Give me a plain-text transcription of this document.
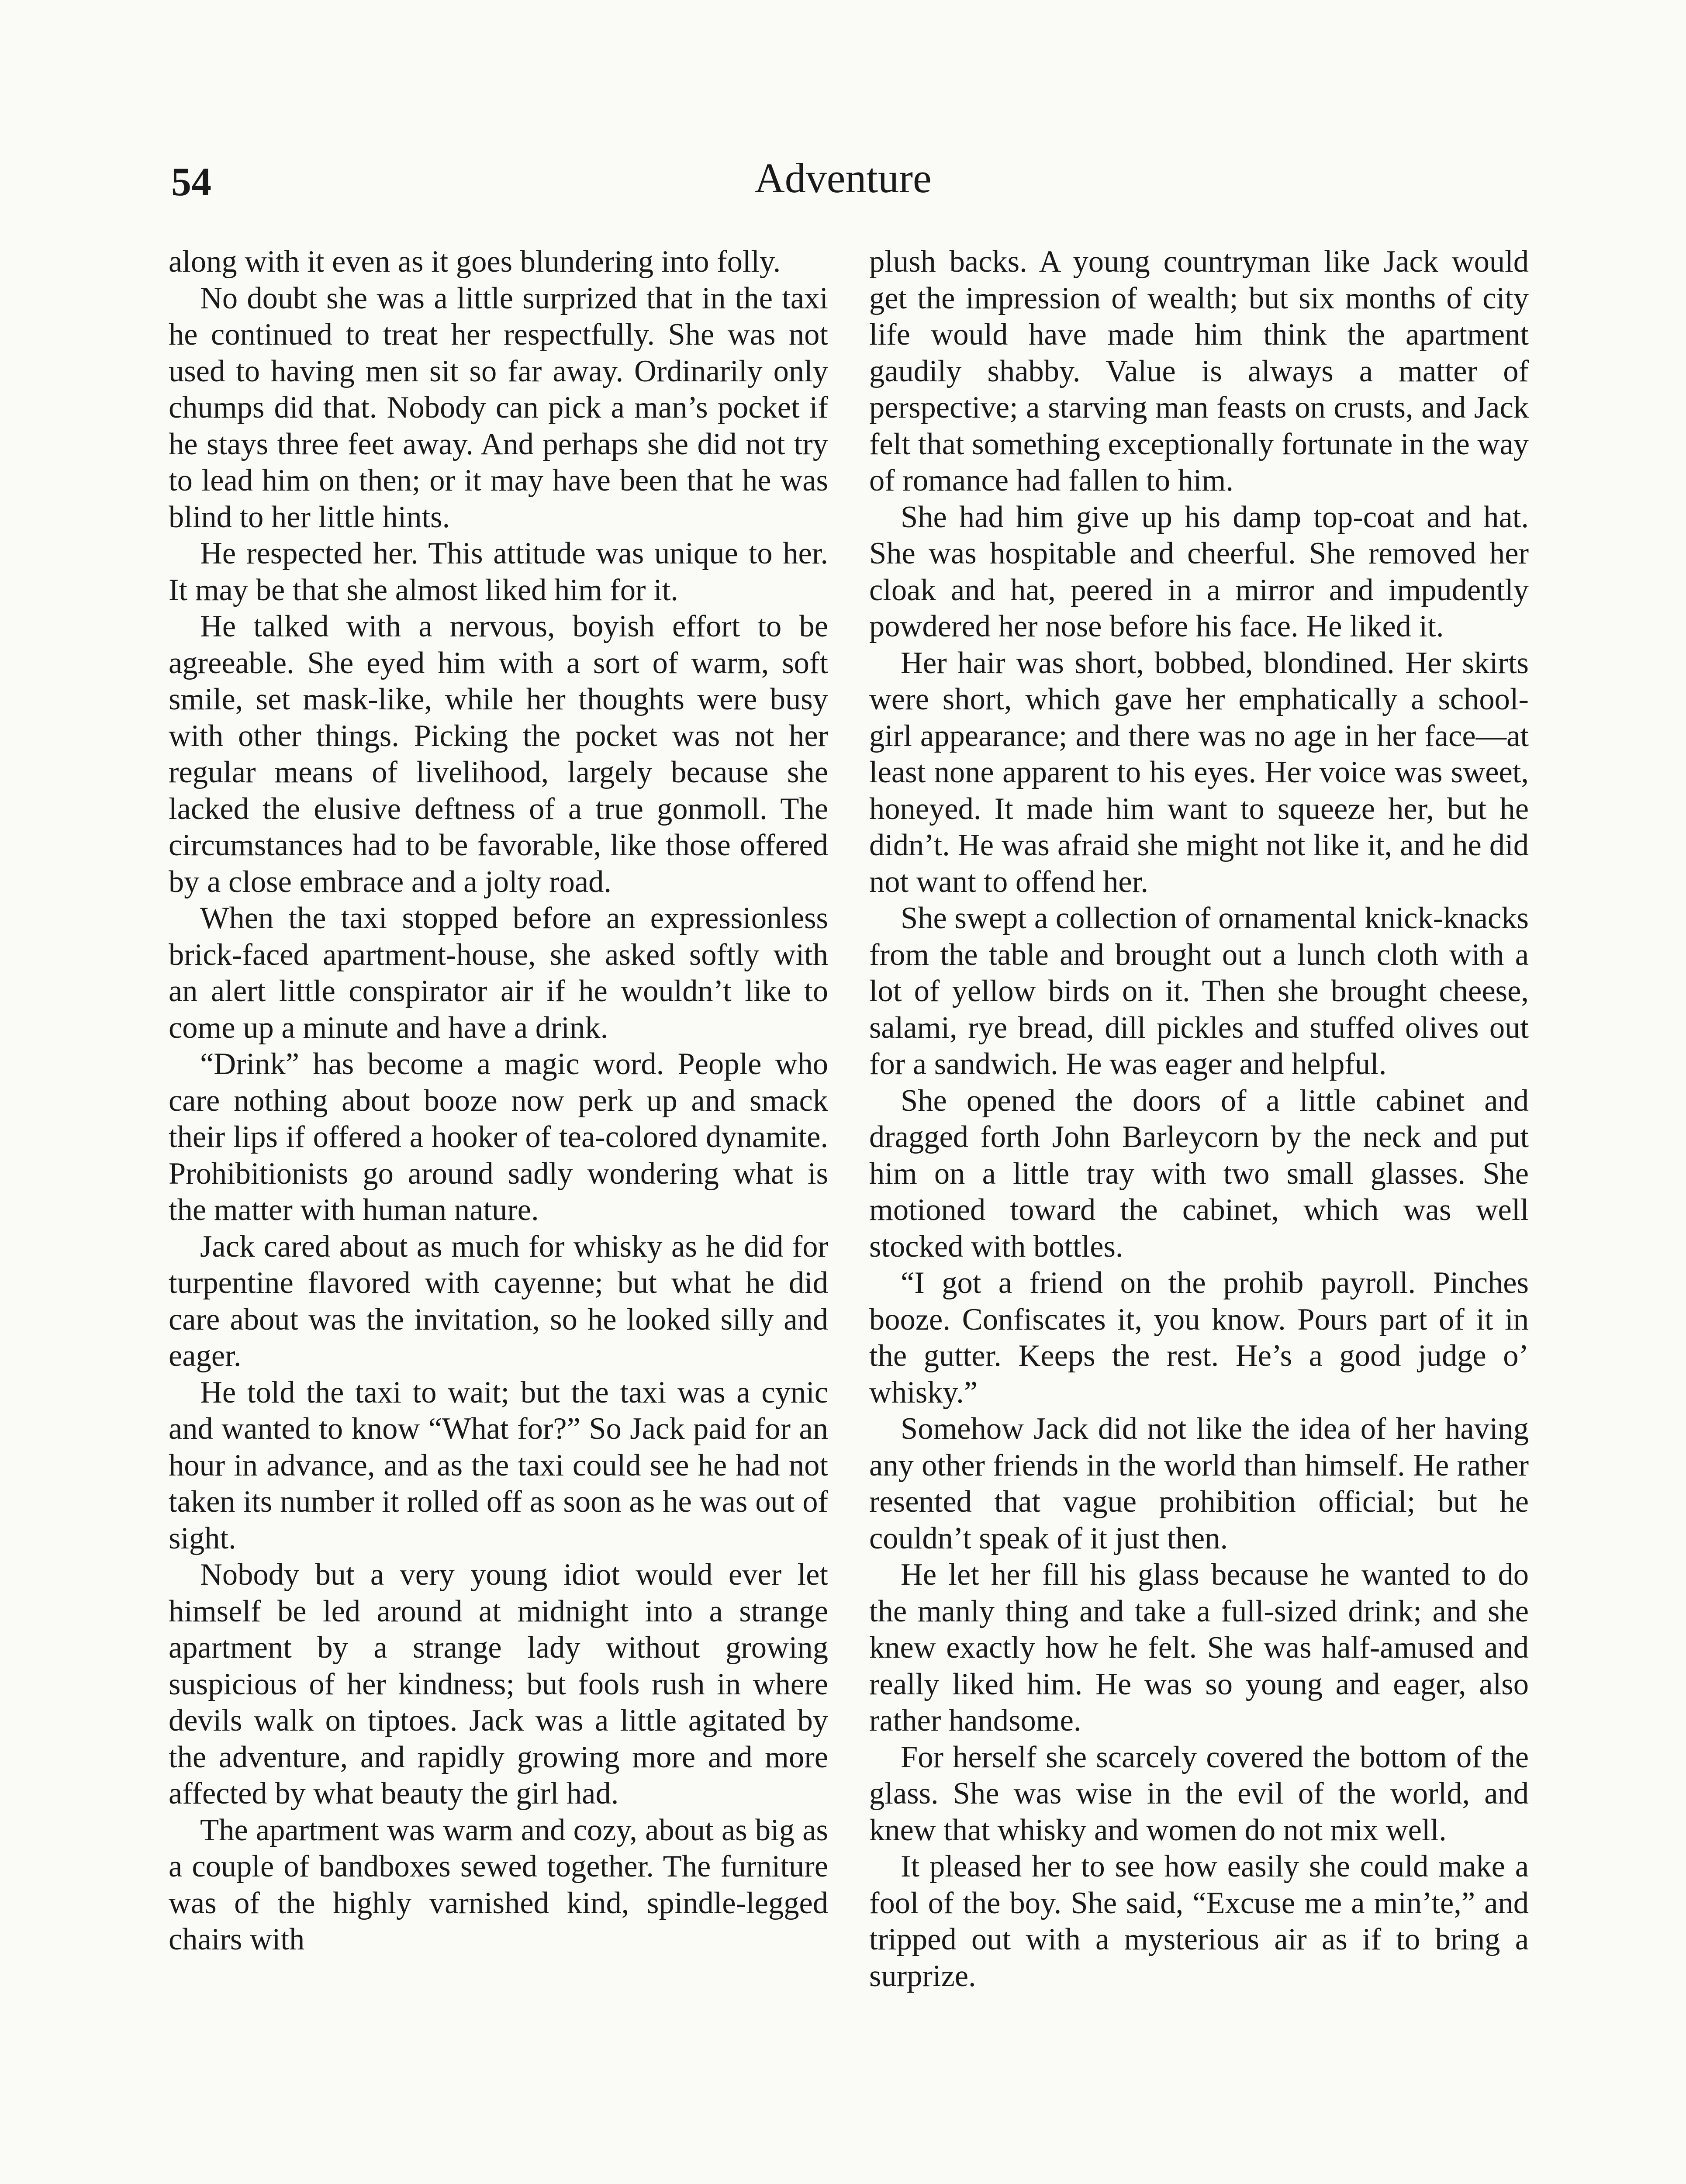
54	Adventure

along with it even as it goes blundering into folly.

No doubt she was a little surprized that in the taxi he continued to treat her respectfully. She was not used to having men sit so far away. Ordinarily only chumps did that. Nobody can pick a man’s pocket if he stays three feet away. And perhaps she did not try to lead him on then; or it may have been that he was blind to her little hints.

He respected her. This attitude was unique to her. It may be that she almost liked him for it.

He talked with a nervous, boyish effort to be agreeable. She eyed him with a sort of warm, soft smile, set mask-like, while her thoughts were busy with other things. Picking the pocket was not her regular means of livelihood, largely because she lacked the elusive deftness of a true gonmoll. The circumstances had to be favorable, like those offered by a close embrace and a jolty road.

When the taxi stopped before an expressionless brick-faced apartment-house, she asked softly with an alert little conspirator air if he wouldn’t like to come up a minute and have a drink.

“Drink” has become a magic word. People who care nothing about booze now perk up and smack their lips if offered a hooker of tea-colored dynamite. Prohibitionists go around sadly wondering what is the matter with human nature.

Jack cared about as much for whisky as he did for turpentine flavored with cayenne; but what he did care about was the invitation, so he looked silly and eager.

He told the taxi to wait; but the taxi was a cynic and wanted to know “What for?” So Jack paid for an hour in advance, and as the taxi could see he had not taken its number it rolled off as soon as he was out of sight.

Nobody but a very young idiot would ever let himself be led around at midnight into a strange apartment by a strange lady without growing suspicious of her kindness; but fools rush in where devils walk on tiptoes. Jack was a little agitated by the adventure, and rapidly growing more and more affected by what beauty the girl had.

The apartment was warm and cozy, about as big as a couple of bandboxes sewed together. The furniture was of the highly varnished kind, spindle-legged chairs with

plush backs. A young countryman like Jack would get the impression of wealth; but six months of city life would have made him think the apartment gaudily shabby. Value is always a matter of perspective; a starving man feasts on crusts, and Jack felt that something exceptionally fortunate in the way of romance had fallen to him.

She had him give up his damp top-coat and hat. She was hospitable and cheerful. She removed her cloak and hat, peered in a mirror and impudently powdered her nose before his face. He liked it.

Her hair was short, bobbed, blondined. Her skirts were short, which gave her emphatically a school-girl appearance; and there was no age in her face—at least none apparent to his eyes. Her voice was sweet, honeyed. It made him want to squeeze her, but he didn’t. He was afraid she might not like it, and he did not want to offend her.

She swept a collection of ornamental knick-knacks from the table and brought out a lunch cloth with a lot of yellow birds on it. Then she brought cheese, salami, rye bread, dill pickles and stuffed olives out for a sandwich. He was eager and helpful.

She opened the doors of a little cabinet and dragged forth John Barleycorn by the neck and put him on a little tray with two small glasses. She motioned toward the cabinet, which was well stocked with bottles.

“I got a friend on the prohib payroll. Pinches booze. Confiscates it, you know. Pours part of it in the gutter. Keeps the rest. He’s a good judge o’ whisky.”

Somehow Jack did not like the idea of her having any other friends in the world than himself. He rather resented that vague prohibition official; but he couldn’t speak of it just then.

He let her fill his glass because he wanted to do the manly thing and take a full-sized drink; and she knew exactly how he felt. She was half-amused and really liked him. He was so young and eager, also rather handsome.

For herself she scarcely covered the bottom of the glass. She was wise in the evil of the world, and knew that whisky and women do not mix well.

It pleased her to see how easily she could make a fool of the boy. She said, “Excuse me a min’te,” and tripped out with a mysterious air as if to bring a surprize.
